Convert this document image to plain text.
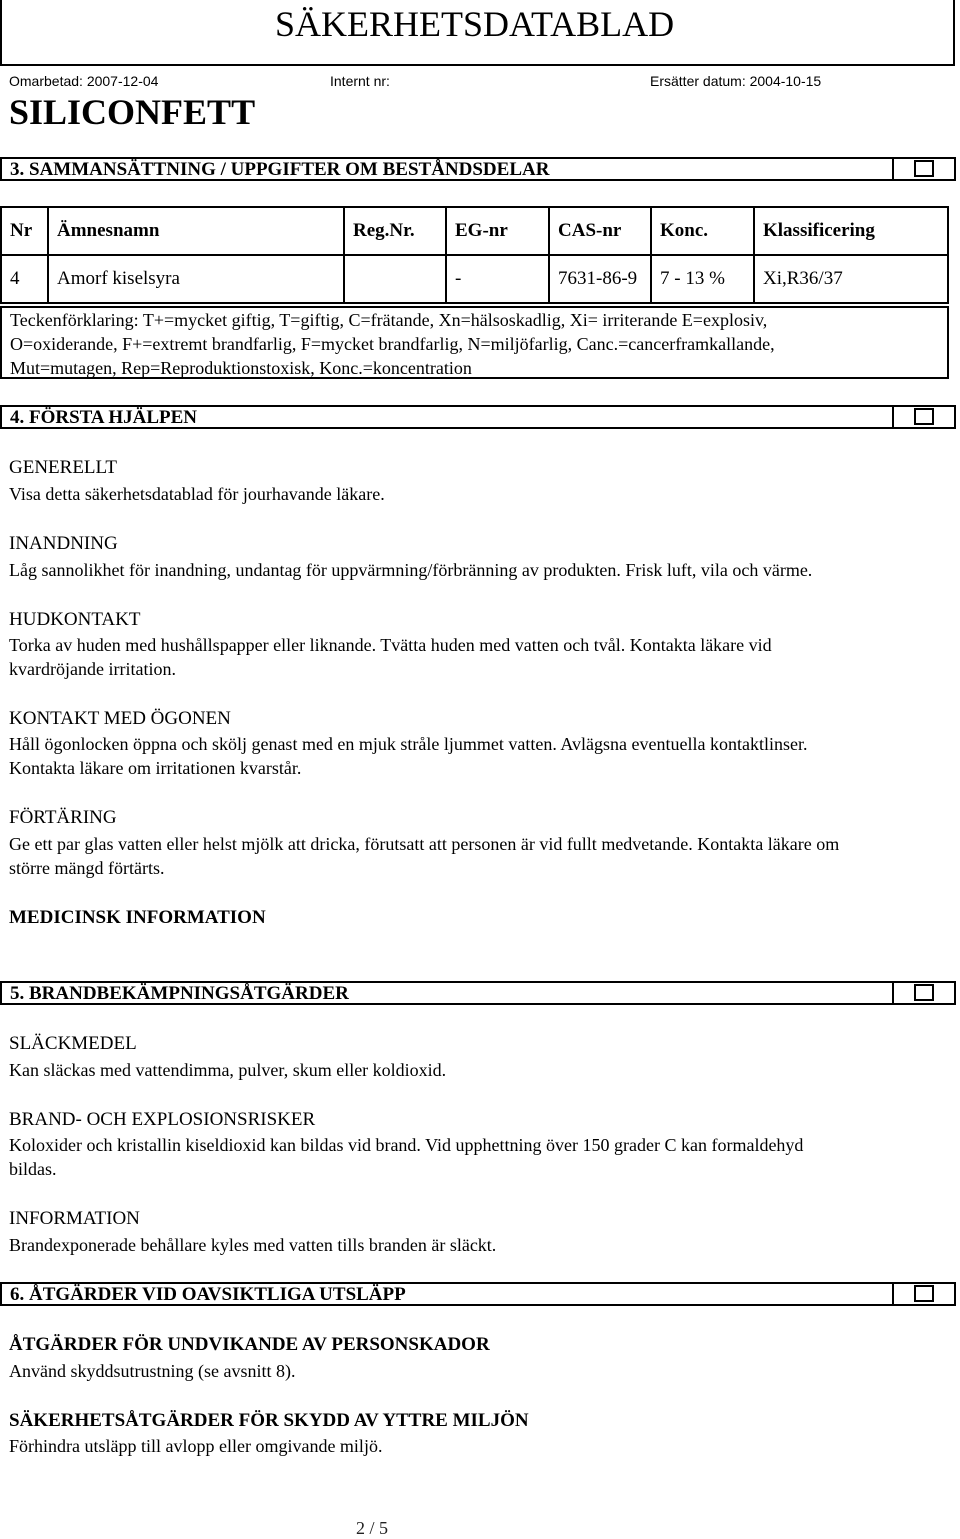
SÄKERHETSDATABLAD
Omarbetad: 2007-12-04	Internt nr:	Ersätter datum: 2004-10-15
SILICONFETT
3. SAMMANSÄTTNING / UPPGIFTER OM BESTÅNDSDELAR
Nr	Ämnesnamn	Reg.Nr.	EG-nr	CAS-nr	Konc.	Klassificering
4	Amorf kiselsyra		-	7631-86-9	7 - 13 %	Xi,R36/37
Teckenförklaring: T+=mycket giftig, T=giftig, C=frätande, Xn=hälsoskadlig, Xi= irriterande E=explosiv,
O=oxiderande, F+=extremt brandfarlig, F=mycket brandfarlig, N=miljöfarlig, Canc.=cancerframkallande,
Mut=mutagen, Rep=Reproduktionstoxisk, Konc.=koncentration
4. FÖRSTA HJÄLPEN
GENERELLT
Visa detta säkerhetsdatablad för jourhavande läkare.
INANDNING
Låg sannolikhet för inandning, undantag för uppvärmning/förbränning av produkten. Frisk luft, vila och värme.
HUDKONTAKT
Torka av huden med hushållspapper eller liknande. Tvätta huden med vatten och tvål. Kontakta läkare vid
kvardröjande irritation.
KONTAKT MED ÖGONEN
Håll ögonlocken öppna och skölj genast med en mjuk stråle ljummet vatten. Avlägsna eventuella kontaktlinser.
Kontakta läkare om irritationen kvarstår.
FÖRTÄRING
Ge ett par glas vatten eller helst mjölk att dricka, förutsatt att personen är vid fullt medvetande. Kontakta läkare om
större mängd förtärts.
MEDICINSK INFORMATION
5. BRANDBEKÄMPNINGSÅTGÄRDER
SLÄCKMEDEL
Kan släckas med vattendimma, pulver, skum eller koldioxid.
BRAND- OCH EXPLOSIONSRISKER
Koloxider och kristallin kiseldioxid kan bildas vid brand. Vid upphettning över 150 grader C kan formaldehyd
bildas.
INFORMATION
Brandexponerade behållare kyles med vatten tills branden är släckt.
6. ÅTGÄRDER VID OAVSIKTLIGA UTSLÄPP
ÅTGÄRDER FÖR UNDVIKANDE AV PERSONSKADOR
Använd skyddsutrustning (se avsnitt 8).
SÄKERHETSÅTGÄRDER FÖR SKYDD AV YTTRE MILJÖN
Förhindra utsläpp till avlopp eller omgivande miljö.
2 / 5
